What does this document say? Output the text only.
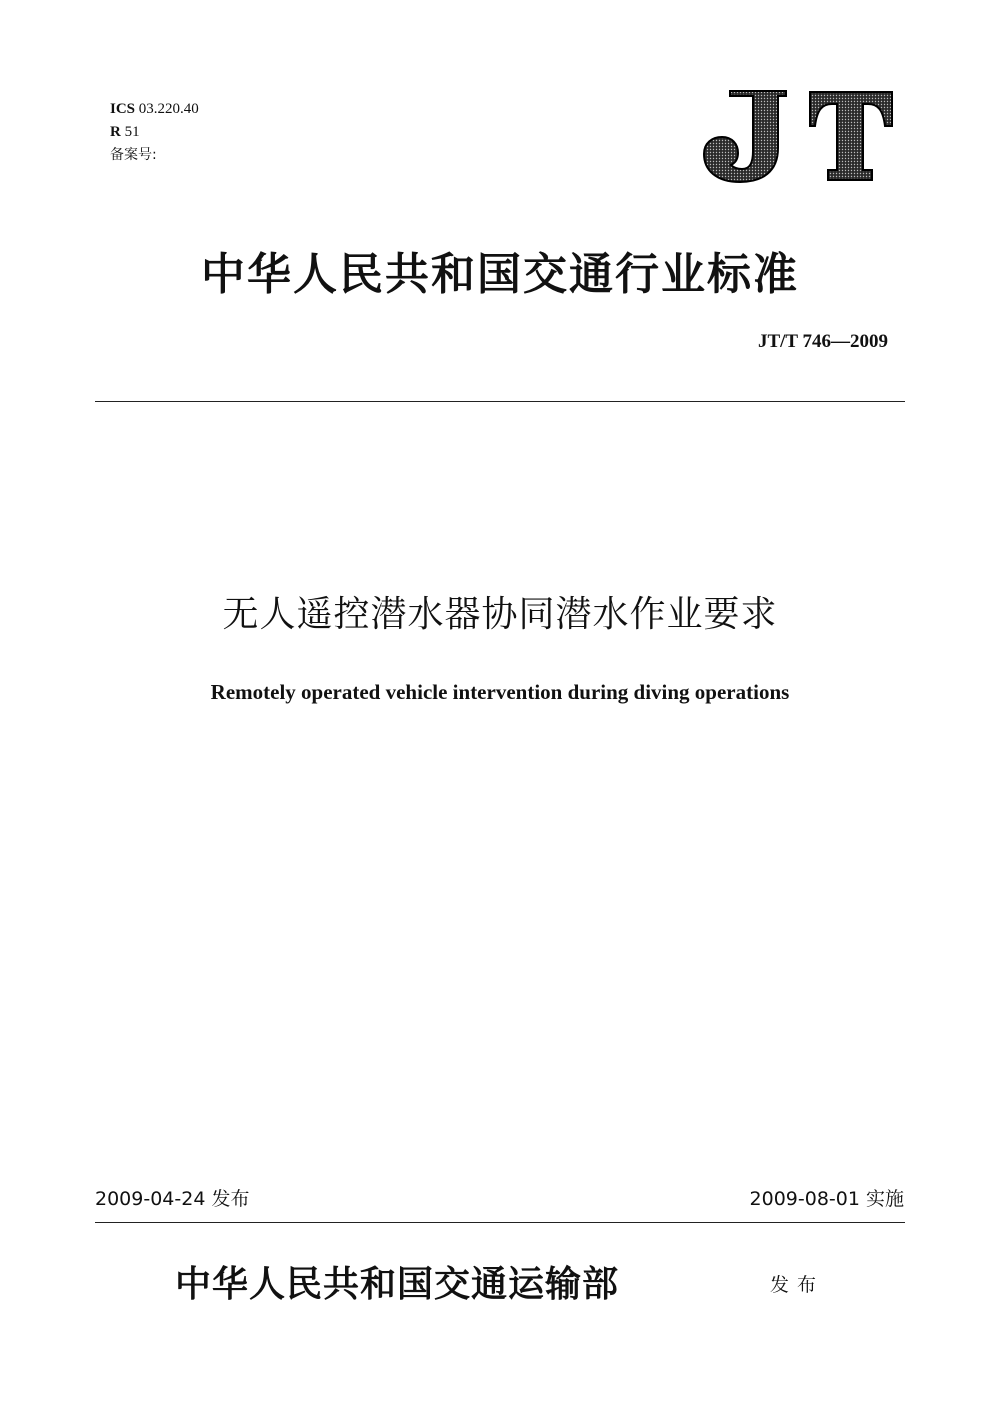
ICS 03.220.40
R 51
备案号:
中华人民共和国交通行业标准
JT/T 746—2009
无人遥控潜水器协同潜水作业要求
Remotely operated vehicle intervention during diving operations
2009-04-24 发布	2009-08-01 实施
中华人民共和国交通运输部	发布
